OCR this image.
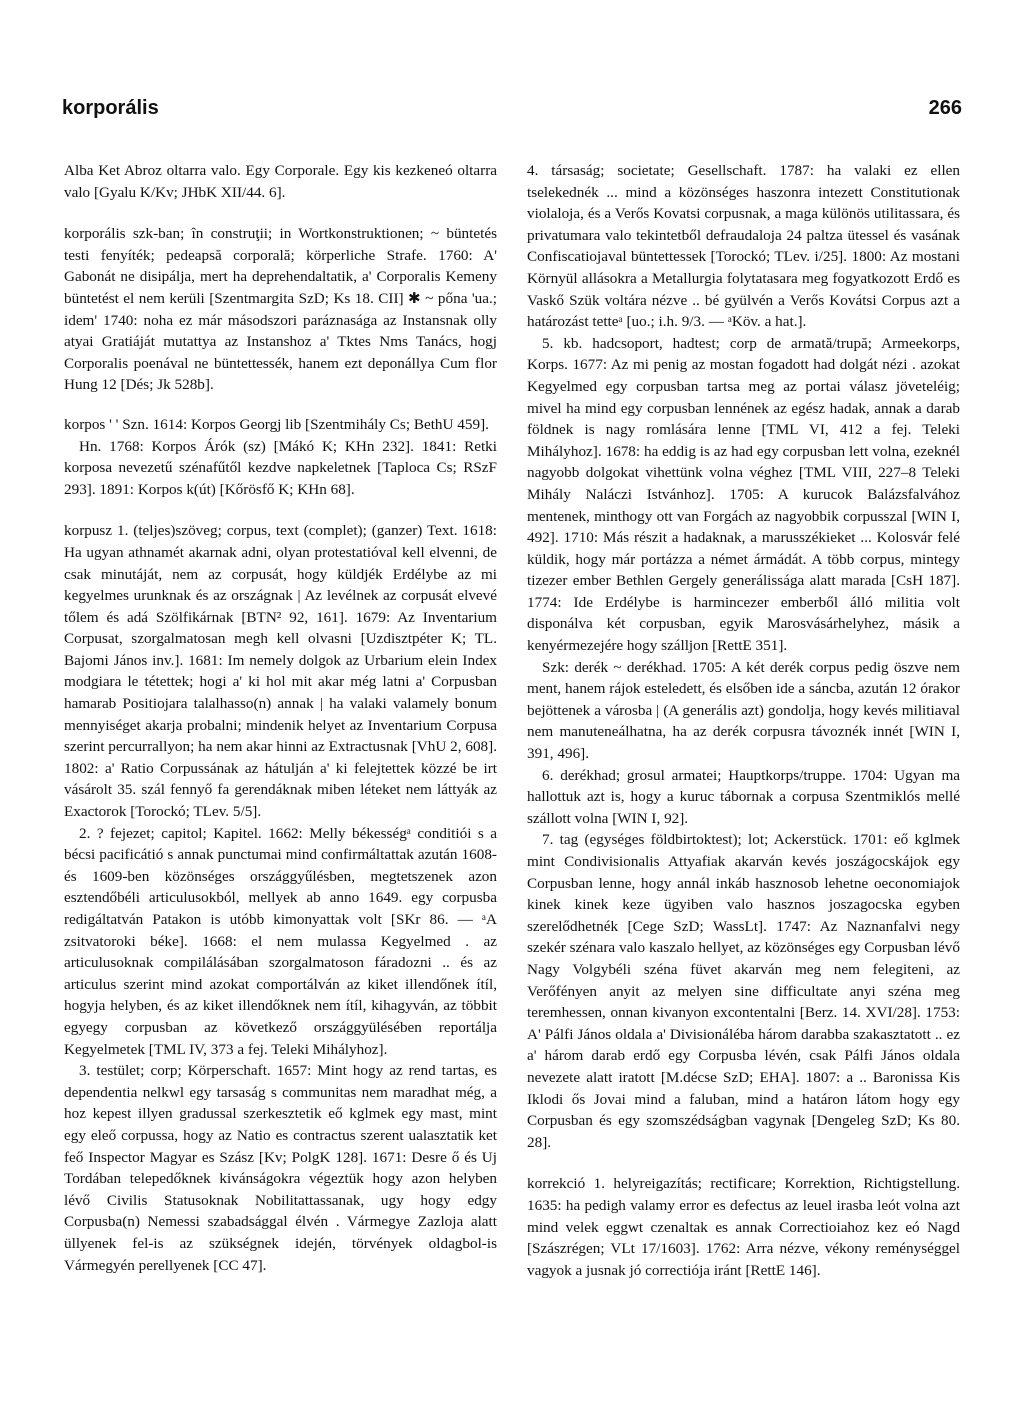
korporális	266

Alba Ket Abroz oltarra valo. Egy Corporale. Egy kis kezkeneó oltarra valo [Gyalu K/Kv; JHbK XII/44. 6].

korporális szk-ban; în construţii; in Wortkonstruktionen; ~ büntetés testi fenyíték; pedeapsă corporală; körperliche Strafe. 1760: A' Gabonát ne disipálja, mert ha deprehendaltatik, a' Corporalis Kemeny büntetést el nem kerüli [Szentmargita SzD; Ks 18. CII] ✱ ~ pőna 'ua.; idem' 1740: noha ez már másodszori paráznasága az Instansnak olly atyai Gratiáját mutattya az Instanshoz a' Tktes Nms Tanács, hogj Corporalis poenával ne büntettessék, hanem ezt deponállya Cum flor Hung 12 [Dés; Jk 528b].

korpos ' ' Szn. 1614: Korpos Georgj lib [Szentmihály Cs; BethU 459].

Hn. 1768: Korpos Árók (sz) [Mákó K; KHn 232]. 1841: Retki korposa nevezetű szénafűtől kezdve napkeletnek [Taploca Cs; RSzF 293]. 1891: Korpos k(út) [Kőrösfő K; KHn 68].

korpusz 1. (teljes)szöveg; corpus, text (complet); (ganzer) Text. 1618: Ha ugyan athnamét akarnak adni, olyan protestatióval kell elvenni, de csak minutáját, nem az corpusát, hogy küldjék Erdélybe az mi kegyelmes urunknak és az országnak | Az levélnek az corpusát elvevé tőlem és adá Szölfikárnak [BTN² 92, 161]. 1679: Az Inventarium Corpusat, szorgalmatosan megh kell olvasni [Uzdisztpéter K; TL. Bajomi János inv.]. 1681: Im nemely dolgok az Urbarium elein Index modgiara le tétettek; hogi a' ki hol mit akar még latni a' Corpusban hamarab Positiojara talalhasso(n) annak | ha valaki valamely bonum mennyiséget akarja probalni; mindenik helyet az Inventarium Corpusa szerint percurrallyon; ha nem akar hinni az Extractusnak [VhU 2, 608]. 1802: a' Ratio Corpussának az hátulján a' ki felejtettek közzé be irt vásárolt 35. szál fennyő fa gerendáknak miben léteket nem láttyák az Exactorok [Torockó; TLev. 5/5].

2. ? fejezet; capitol; Kapitel. 1662: Melly békességᵃ conditiói s a bécsi pacificátió s annak punctumai mind confirmáltattak azután 1608- és 1609-ben közönséges országgyűlésben, megtetszenek azon esztendőbéli articulusokból, mellyek ab anno 1649. egy corpusba redigáltatván Patakon is utóbb kimonyattak volt [SKr 86. — ᵃA zsitvatoroki béke]. 1668: el nem mulassa Kegyelmed . az articulusoknak compilálásában szorgalmatoson fáradozni .. és az articulus szerint mind azokat comportálván az kiket illendőnek ítíl, hogyja helyben, és az kiket illendőknek nem ítíl, kihagyván, az többit egyegy corpusban az következő országgyülésében reportálja Kegyelmetek [TML IV, 373 a fej. Teleki Mihályhoz].

3. testület; corp; Körperschaft. 1657: Mint hogy az rend tartas, es dependentia nelkwl egy tarsaság s communitas nem maradhat még, a hoz kepest illyen gradussal szerkesztetik eő kglmek egy mast, mint egy eleő corpussa, hogy az Natio es contractus szerent ualasztatik ket feő Inspector Magyar es Szász [Kv; PolgK 128]. 1671: Desre ő és Uj Tordában telepedőknek kivánságokra végeztük hogy azon helyben lévő Civilis Statusoknak Nobilitattassanak, ugy hogy edgy Corpusba(n) Nemessi szabadsággal élvén . Vármegye Zazloja alatt üllyenek fel-is az szükségnek idején, törvények oldagbol-is Vármegyén perellyenek [CC 47].

4. társaság; societate; Gesellschaft. 1787: ha valaki ez ellen tselekednék ... mind a közönséges haszonra intezett Constitutionak violaloja, és a Verős Kovatsi corpusnak, a maga különös utilitassara, és privatumara valo tekintetből defraudaloja 24 paltza ütessel és vasának Confiscatiojaval büntettessek [Torockó; TLev. i/25]. 1800: Az mostani Környül allásokra a Metallurgia folytatasara meg fogyatkozott Erdő es Vaskő Szük voltára nézve .. bé gyülvén a Verős Kovátsi Corpus azt a határozást tetteᵃ [uo.; i.h. 9/3. — ᵃKöv. a hat.].

5. kb. hadcsoport, hadtest; corp de armată/trupă; Armeekorps, Korps. 1677: Az mi penig az mostan fogadott had dolgát nézi . azokat Kegyelmed egy corpusban tartsa meg az portai válasz jöveteléig; mivel ha mind egy corpusban lennének az egész hadak, annak a darab földnek is nagy romlására lenne [TML VI, 412 a fej. Teleki Mihályhoz]. 1678: ha eddig is az had egy corpusban lett volna, ezeknél nagyobb dolgokat vihettünk volna véghez [TML VIII, 227–8 Teleki Mihály Naláczi Istvánhoz]. 1705: A kurucok Balázsfalvához mentenek, minthogy ott van Forgách az nagyobbik corpusszal [WIN I, 492]. 1710: Más részit a hadaknak, a marusszékieket ... Kolosvár felé küldik, hogy már portázza a német ármádát. A több corpus, mintegy tizezer ember Bethlen Gergely generálissága alatt marada [CsH 187]. 1774: Ide Erdélybe is harmincezer emberből álló militia volt disponálva két corpusban, egyik Marosvásárhelyhez, másik a kenyérmezejére hogy szálljon [RettE 351].

Szk: derék ~ derékhad. 1705: A két derék corpus pedig öszve nem ment, hanem rájok esteledett, és elsőben ide a sáncba, azután 12 órakor bejöttenek a városba | (A generális azt) gondolja, hogy kevés militiaval nem manuteneálhatna, ha az derék corpusra távoznék innét [WIN I, 391, 496].

6. derékhad; grosul armatei; Hauptkorps/truppe. 1704: Ugyan ma hallottuk azt is, hogy a kuruc tábornak a corpusa Szentmiklós mellé szállott volna [WIN I, 92].

7. tag (egységes földbirtoktest); lot; Ackerstück. 1701: eő kglmek mint Condivisionalis Attyafiak akarván kevés joszágocskájok egy Corpusban lenne, hogy annál inkáb hasznosob lehetne oeconomiajok kinek kinek keze ügyiben valo hasznos joszagocska egyben szerelődhetnék [Cege SzD; WassLt]. 1747: Az Naznanfalvi negy szekér szénara valo kaszalo hellyet, az közönséges egy Corpusban lévő Nagy Volgybéli széna füvet akarván meg nem felegiteni, az Verőfényen anyit az melyen sine difficultate anyi széna meg teremhessen, onnan kivanyon excontentalni [Berz. 14. XVI/28]. 1753: A' Pálfi János oldala a' Divisionáléba három darabba szakasztatott .. ez a' három darab erdő egy Corpusba lévén, csak Pálfi János oldala nevezete alatt iratott [M.décse SzD; EHA]. 1807: a .. Baronissa Kis Iklodi ős Jovai mind a faluban, mind a határon látom hogy egy Corpusban és egy szomszédságban vagynak [Dengeleg SzD; Ks 80. 28].

korrekció 1. helyreigazítás; rectificare; Korrektion, Richtigstellung. 1635: ha pedigh valamy error es defectus az leuel irasba leót volna azt mind velek eggwt czenaltak es annak Correctioiahoz kez eó Nagd [Szászrégen; VLt 17/1603]. 1762: Arra nézve, vékony reménységgel vagyok a jusnak jó correctiója iránt [RettE 146].
